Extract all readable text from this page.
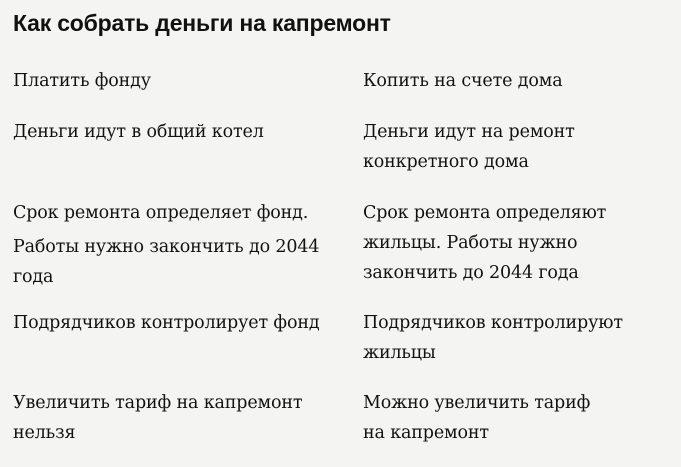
Как собрать деньги на капремонт
Платить фонду	Копить на счете дома
Деньги идут в общий котел	Деньги идут на ремонт
конкретного дома
Срок ремонта определяет фонд.
Работы нужно закончить до 2044
года
Срок ремонта определяют
жильцы. Работы нужно
закончить до 2044 года
Подрядчиков контролирует фонд Подрядчиков контролируют
жильцы
Увеличить тариф на капремонт
нельзя
Можно увеличить тариф
на капремонт
